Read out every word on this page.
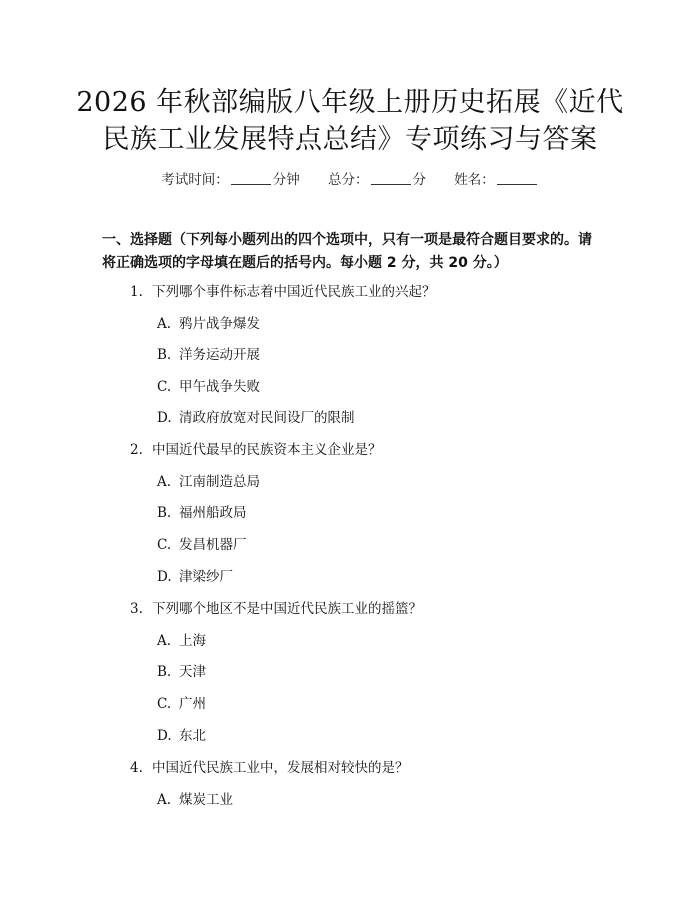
2026 年秋部编版八年级上册历史拓展《近代
民族工业发展特点总结》专项练习与答案
考试时间：	分钟 总分：	分 姓名：
一、选择题（下列每小题列出的四个选项中，只有一项是最符合题目要求的。请
将正确选项的字母填在题后的括号内。每小题 2 分，共 20 分。）
1. 下列哪个事件标志着中国近代民族工业的兴起？
A. 鸦片战争爆发
B. 洋务运动开展
C. 甲午战争失败
D. 清政府放宽对民间设厂的限制
2. 中国近代最早的民族资本主义企业是？
A. 江南制造总局
B. 福州船政局
C. 发昌机器厂
D. 津梁纱厂
3. 下列哪个地区不是中国近代民族工业的摇篮？
A. 上海
B. 天津
C. 广州
D. 东北
4. 中国近代民族工业中，发展相对较快的是？
A. 煤炭工业
